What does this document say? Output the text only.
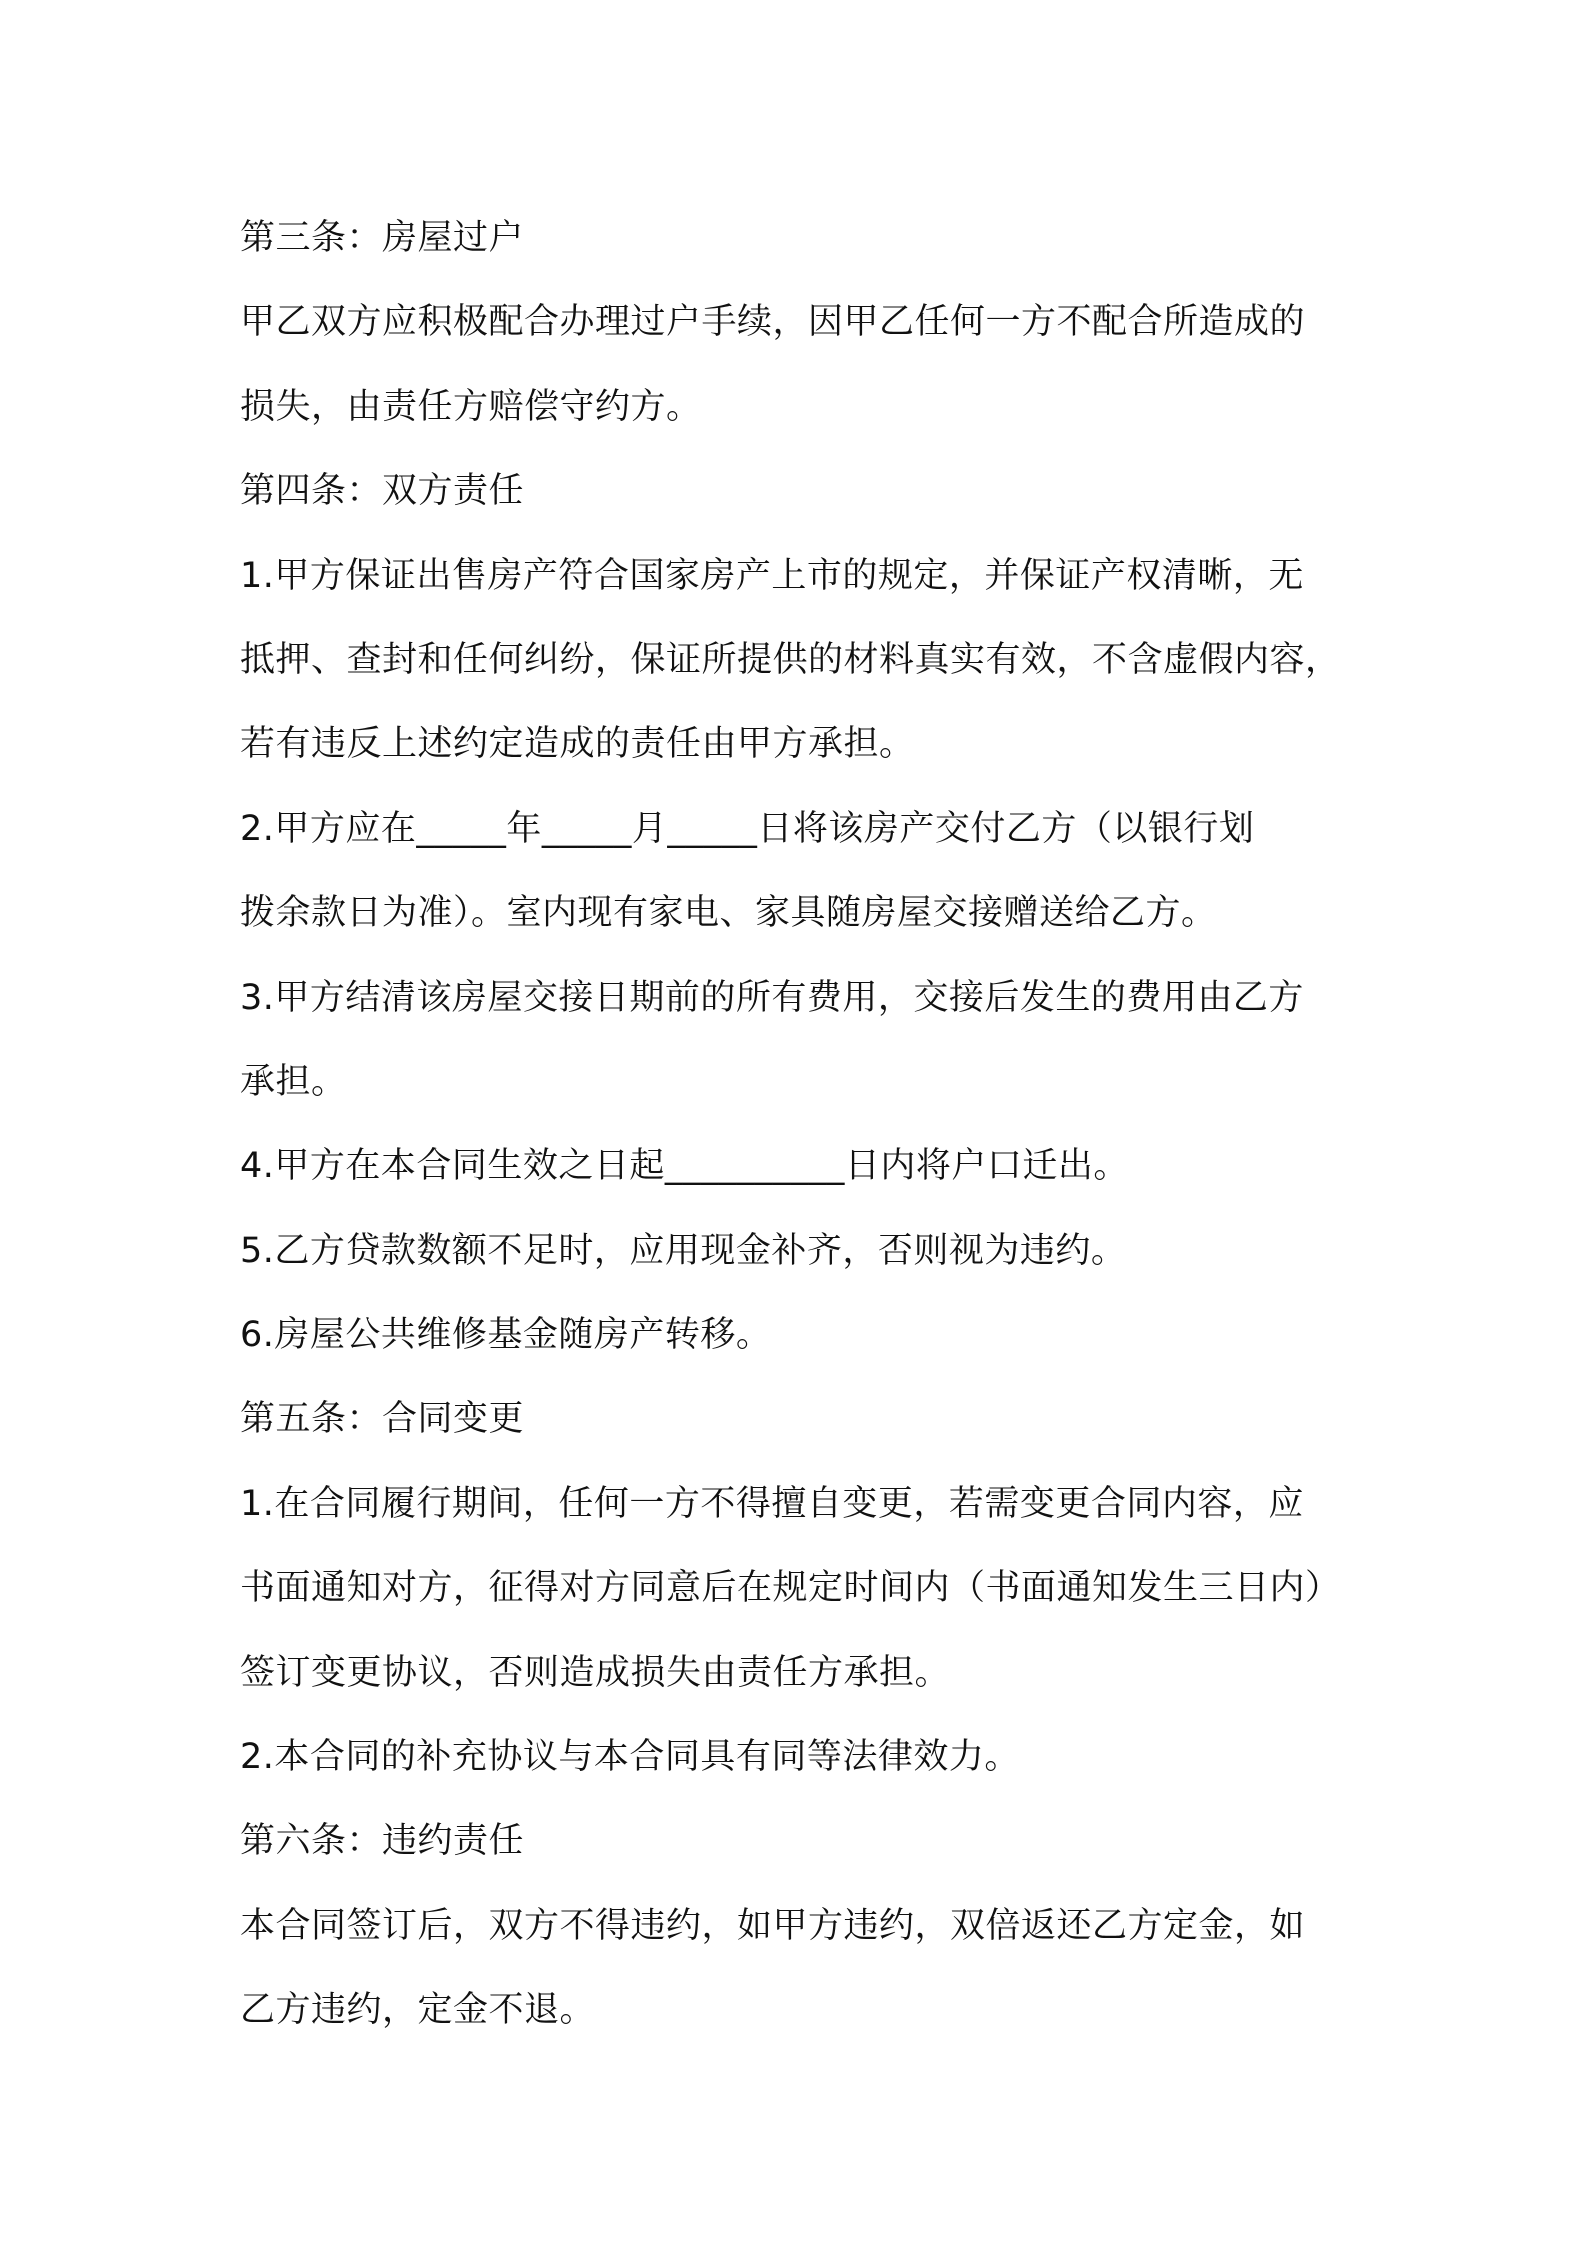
第三条：房屋过户
甲乙双方应积极配合办理过户手续，因甲乙任何一方不配合所造成的
损失，由责任方赔偿守约方。
第四条：双方责任
1.甲方保证出售房产符合国家房产上市的规定，并保证产权清晰，无
抵押、查封和任何纠纷，保证所提供的材料真实有效，不含虚假内容，
若有违反上述约定造成的责任由甲方承担。
2.甲方应在_____年_____月_____日将该房产交付乙方（以银行划
拨余款日为准）。室内现有家电、家具随房屋交接赠送给乙方。
3.甲方结清该房屋交接日期前的所有费用，交接后发生的费用由乙方
承担。
4.甲方在本合同生效之日起__________日内将户口迁出。
5.乙方贷款数额不足时，应用现金补齐，否则视为违约。
6.房屋公共维修基金随房产转移。
第五条：合同变更
1.在合同履行期间，任何一方不得擅自变更，若需变更合同内容，应
书面通知对方，征得对方同意后在规定时间内（书面通知发生三日内）
签订变更协议，否则造成损失由责任方承担。
2.本合同的补充协议与本合同具有同等法律效力。
第六条：违约责任
本合同签订后，双方不得违约，如甲方违约，双倍返还乙方定金，如
乙方违约，定金不退。
